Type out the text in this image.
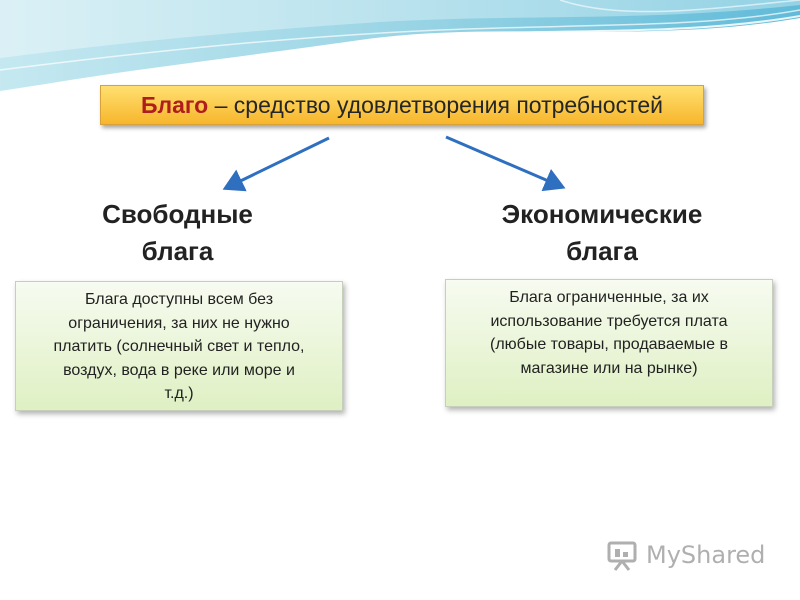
Благо – средство удовлетворения потребностей
Свободные
блага
Экономические
блага
Блага доступны всем без
ограничения, за них не нужно
платить (солнечный свет и тепло,
воздух, вода в реке или море и
т.д.)
Блага ограниченные, за их
использование требуется плата
(любые товары, продаваемые в
магазине или на рынке)
MyShared
